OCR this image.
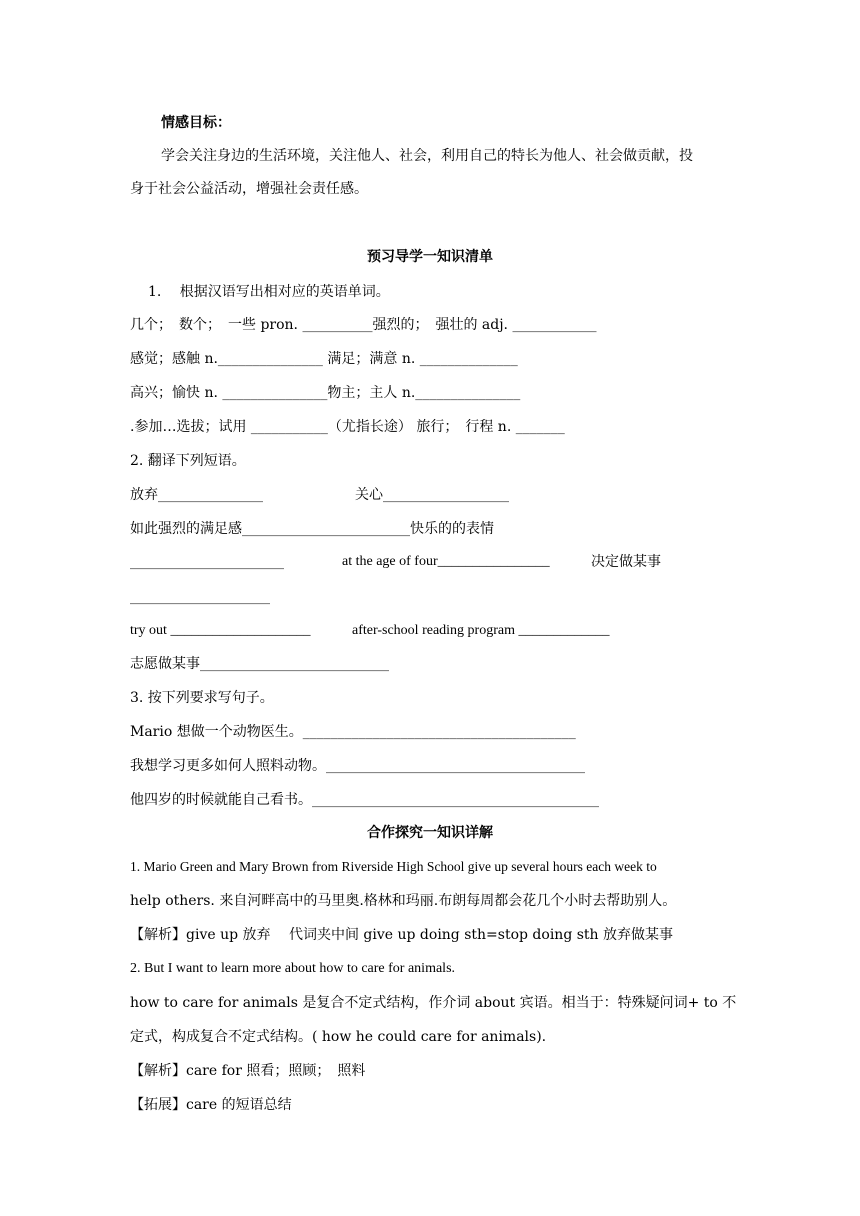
情感目标：
学会关注身边的生活环境，关注他人、社会，利用自己的特长为他人、社会做贡献，投
身于社会公益活动，增强社会责任感。
预习导学一知识清单
1.　 根据汉语写出相对应的英语单词。
几个；　数个；　一些 pron. __________强烈的；　强壮的 adj. ____________
感觉；感触 n._______________ 满足；满意 n. ______________
高兴；愉快 n. _______________物主；主人 n._______________
.参加…选拔；试用 ___________（尤指长途） 旅行；　行程 n. _______
2. 翻译下列短语。
放弃_______________	关心__________________
如此强烈的满足感________________________快乐的的表情
______________________	at the age of four________________	决定做某事
____________________
try out ____________________	after-school reading program _____________
志愿做某事___________________________
3. 按下列要求写句子。
Mario 想做一个动物医生。_______________________________________
我想学习更多如何人照料动物。_____________________________________
他四岁的时候就能自己看书。_________________________________________
合作探究一知识详解
1. Mario Green and Mary Brown from Riverside High School give up several hours each week to
help others. 来自河畔高中的马里奥.格林和玛丽.布朗每周都会花几个小时去帮助别人。
【解析】give up 放弃　 代词夹中间 give up doing sth=stop doing sth 放弃做某事
2. But I want to learn more about how to care for animals.
how to care for animals 是复合不定式结构，作介词 about 宾语。相当于：特殊疑问词+ to 不
定式，构成复合不定式结构。( how he could care for animals).
【解析】care for 照看；照顾；　照料
【拓展】care 的短语总结
